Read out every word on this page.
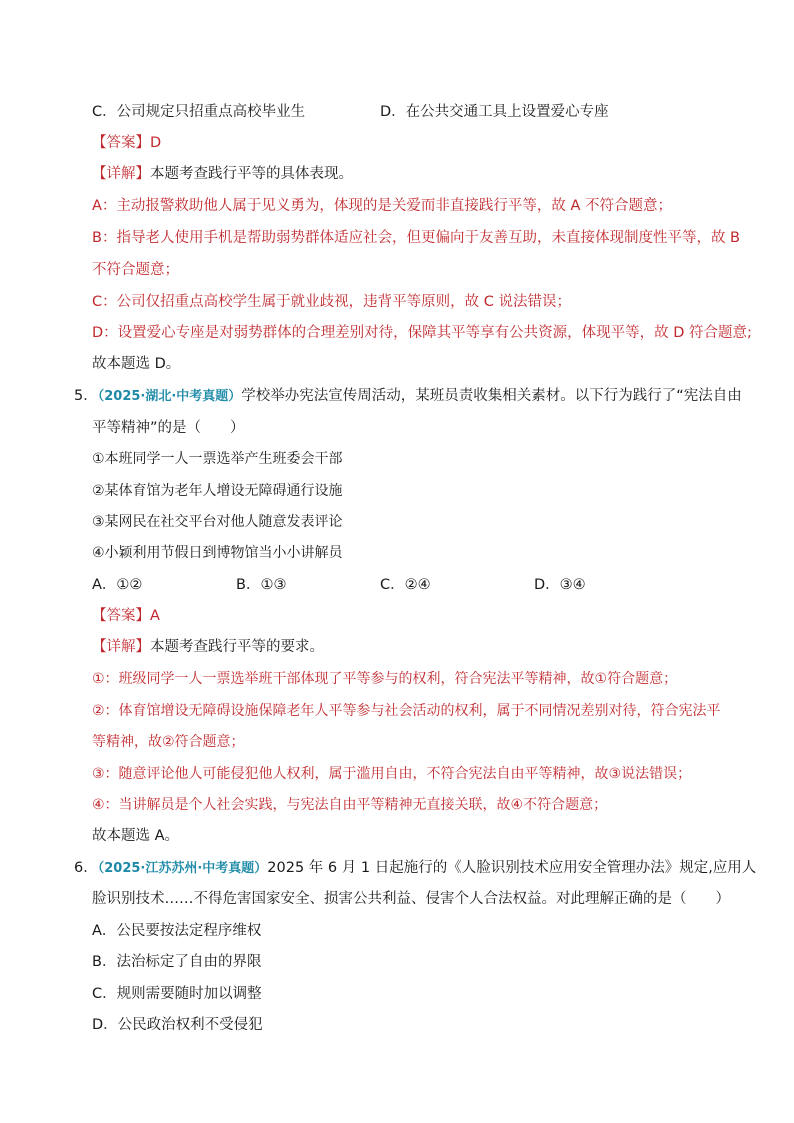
C．公司规定只招重点高校毕业生	D．在公共交通工具上设置爱心专座
【答案】D
【详解】本题考查践行平等的具体表现。
A：主动报警救助他人属于见义勇为，体现的是关爱而非直接践行平等，故 A 不符合题意；
B：指导老人使用手机是帮助弱势群体适应社会，但更偏向于友善互助，未直接体现制度性平等，故 B
不符合题意；
C：公司仅招重点高校学生属于就业歧视，违背平等原则，故 C 说法错误；
D：设置爱心专座是对弱势群体的合理差别对待，保障其平等享有公共资源，体现平等，故 D 符合题意;
故本题选 D。
5．（2025·湖北·中考真题）学校举办宪法宣传周活动，某班员责收集相关素材。以下行为践行了“宪法自由
平等精神”的是（　　）
①本班同学一人一票选举产生班委会干部
②某体育馆为老年人增设无障碍通行设施
③某网民在社交平台对他人随意发表评论
④小颖利用节假日到博物馆当小小讲解员
A．①②	B．①③	C．②④	D．③④
【答案】A
【详解】本题考查践行平等的要求。
①：班级同学一人一票选举班干部体现了平等参与的权利，符合宪法平等精神，故①符合题意；
②：体育馆增设无障碍设施保障老年人平等参与社会活动的权利，属于不同情况差别对待，符合宪法平
等精神，故②符合题意；
③：随意评论他人可能侵犯他人权利，属于滥用自由，不符合宪法自由平等精神，故③说法错误；
④：当讲解员是个人社会实践，与宪法自由平等精神无直接关联，故④不符合题意；
故本题选 A。
6．（2025·江苏苏州·中考真题）2025 年 6 月 1 日起施行的《人脸识别技术应用安全管理办法》规定,应用人
脸识别技术……不得危害国家安全、损害公共利益、侵害个人合法权益。对此理解正确的是（　　）
A．公民要按法定程序维权
B．法治标定了自由的界限
C．规则需要随时加以调整
D．公民政治权利不受侵犯
